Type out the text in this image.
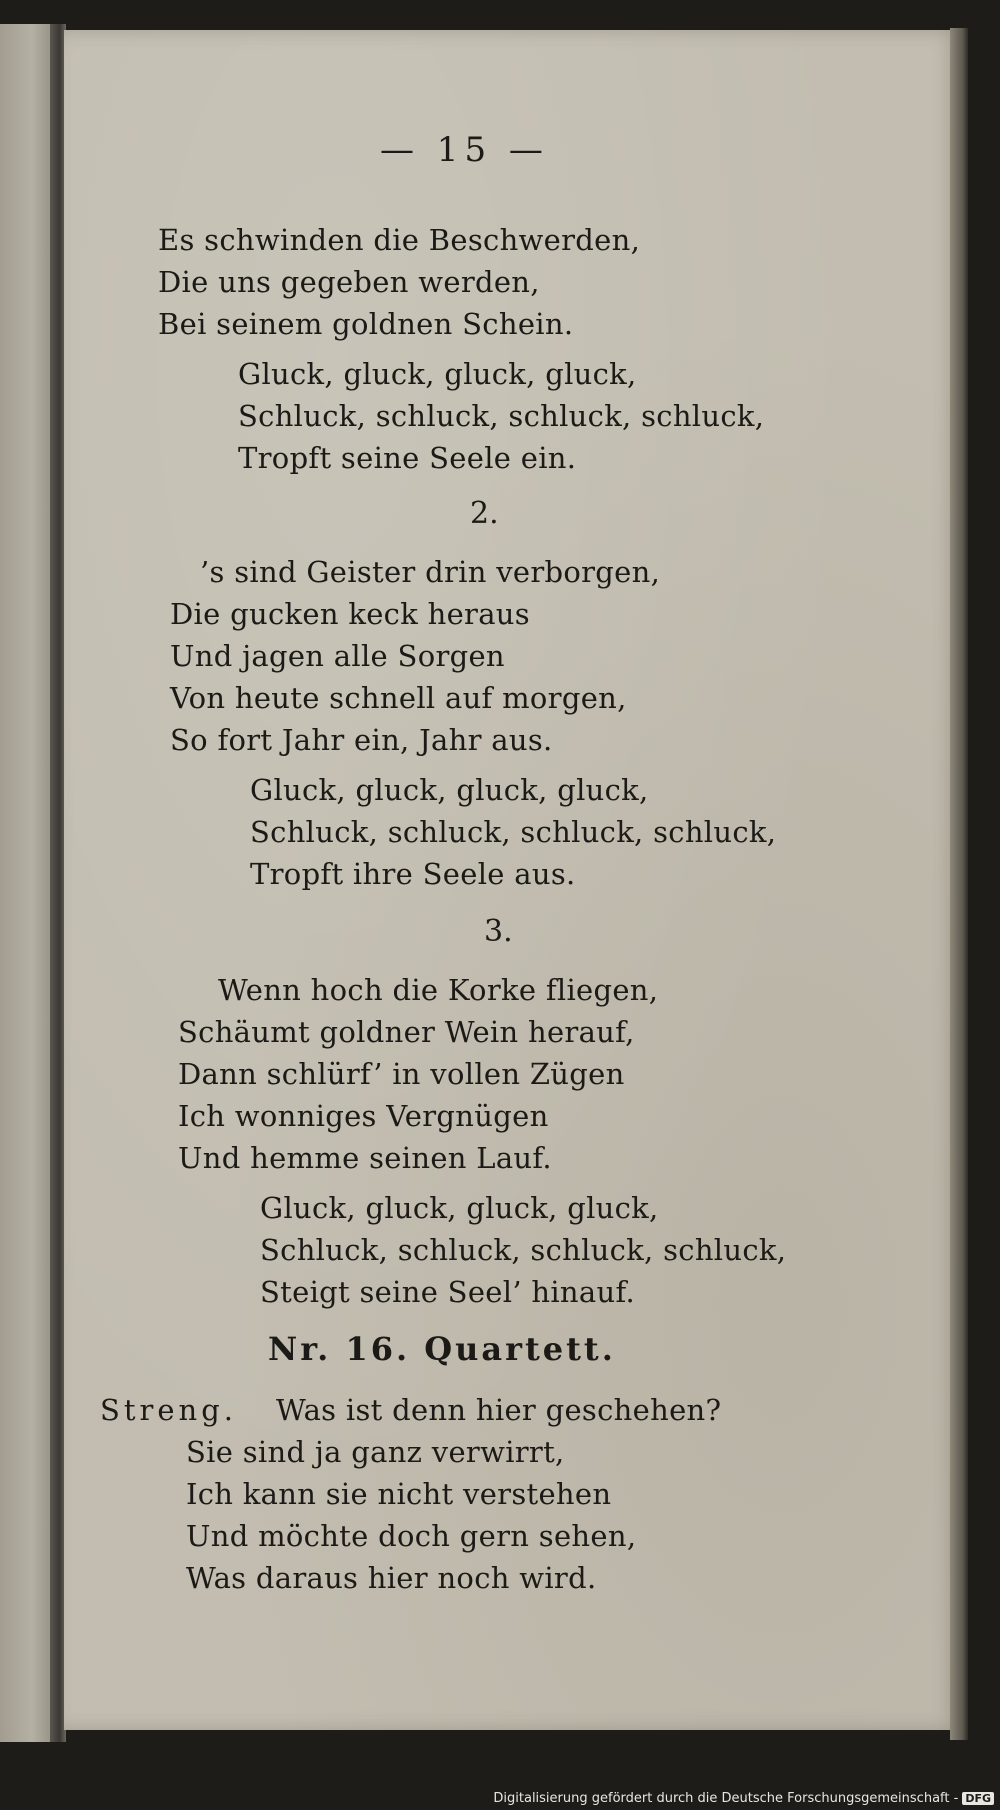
— 15 —
Es schwinden die Beschwerden,
Die uns gegeben werden,
Bei seinem goldnen Schein.
Gluck, gluck, gluck, gluck,
Schluck, schluck, schluck, schluck,
Tropft seine Seele ein.
2.
’s sind Geister drin verborgen,
Die gucken keck heraus
Und jagen alle Sorgen
Von heute schnell auf morgen,
So fort Jahr ein, Jahr aus.
Gluck, gluck, gluck, gluck,
Schluck, schluck, schluck, schluck,
Tropft ihre Seele aus.
3.
Wenn hoch die Korke fliegen,
Schäumt goldner Wein herauf,
Dann schlürf’ in vollen Zügen
Ich wonniges Vergnügen
Und hemme seinen Lauf.
Gluck, gluck, gluck, gluck,
Schluck, schluck, schluck, schluck,
Steigt seine Seel’ hinauf.
Nr. 16. Quartett.
Streng. Was ist denn hier geschehen?
Sie sind ja ganz verwirrt,
Ich kann sie nicht verstehen
Und möchte doch gern sehen,
Was daraus hier noch wird.
Digitalisierung gefördert durch die Deutsche Forschungsgemeinschaft - DFG
